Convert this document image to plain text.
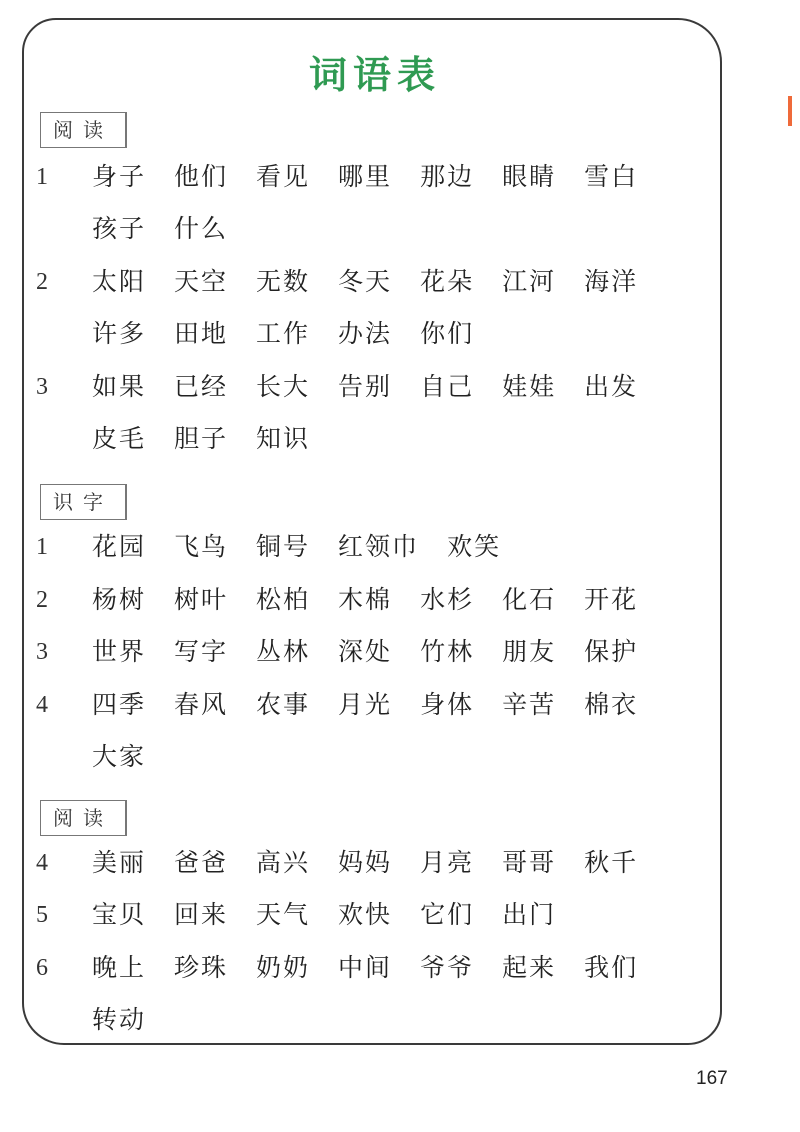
词语表
阅读
识字
阅读
1	身子 他们 看见 哪里 那边 眼睛 雪白
孩子 什么
2	太阳 天空 无数 冬天 花朵 江河 海洋
许多 田地 工作 办法 你们
3	如果 已经 长大 告别 自己 娃娃 出发
皮毛 胆子 知识
1	花园 飞鸟 铜号 红领巾 欢笑
2	杨树 树叶 松柏 木棉 水杉 化石 开花
3	世界 写字 丛林 深处 竹林 朋友 保护
4	四季 春风 农事 月光 身体 辛苦 棉衣
大家
4	美丽 爸爸 高兴 妈妈 月亮 哥哥 秋千
5	宝贝 回来 天气 欢快 它们 出门
6	晚上 珍珠 奶奶 中间 爷爷 起来 我们
转动
167
